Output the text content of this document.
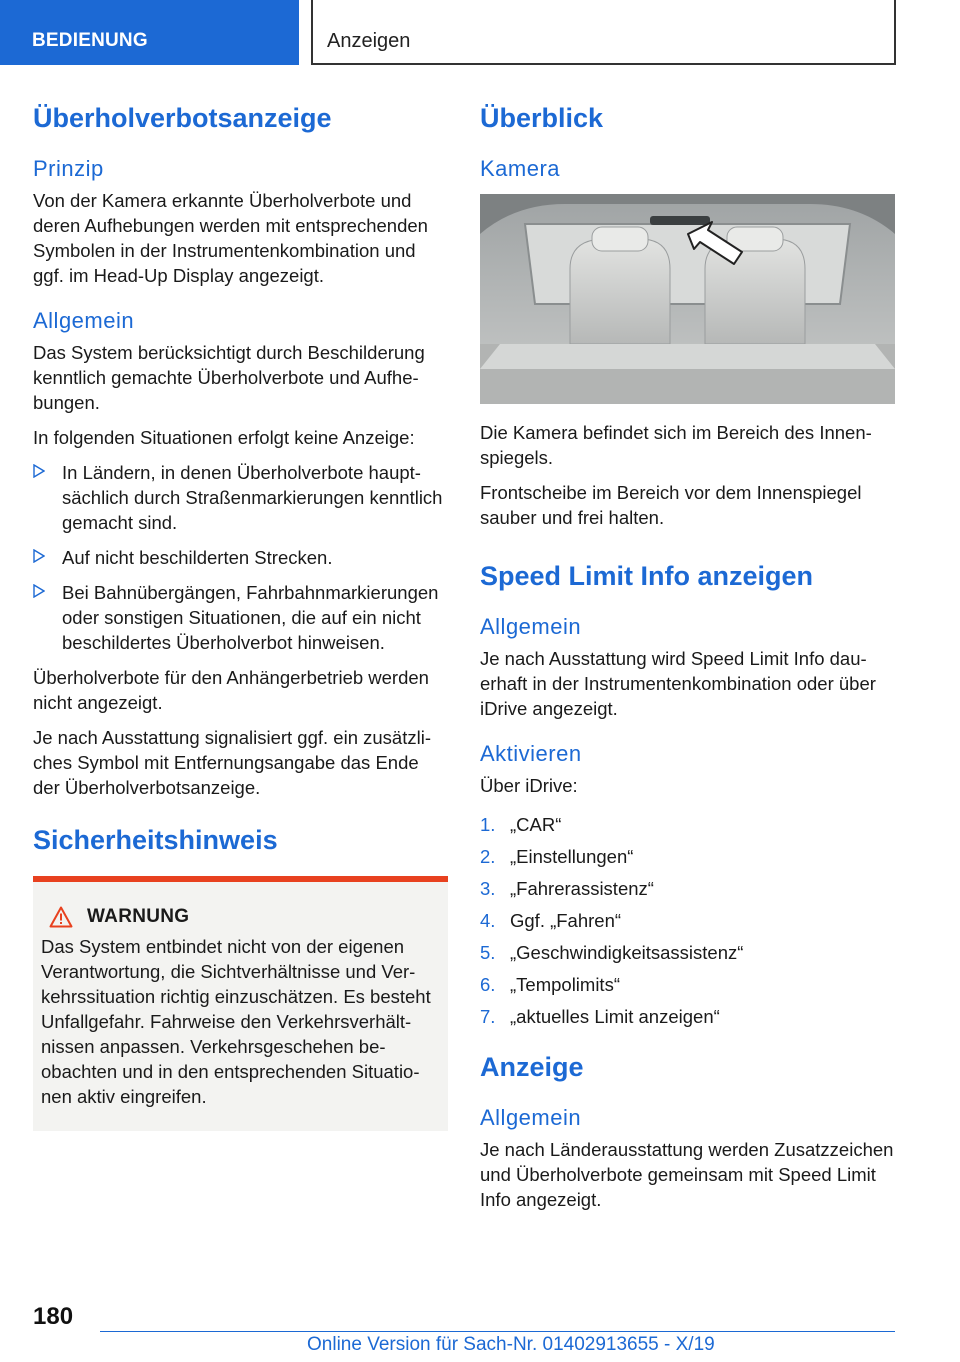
BEDIENUNG	Anzeigen
Überholverbotsanzeige
Prinzip

Von der Kamera erkannte Überholverbote und deren Aufhebungen werden mit entsprechenden Symbolen in der Instrumentenkombination und ggf. im Head-Up Display angezeigt.

Allgemein

Das System berücksichtigt durch Beschilderung kenntlich gemachte Überholverbote und Aufhebungen.

In folgenden Situationen erfolgt keine Anzeige:

In Ländern, in denen Überholverbote hauptsächlich durch Straßenmarkierungen kenntlich gemacht sind.
Auf nicht beschilderten Strecken.
Bei Bahnübergängen, Fahrbahnmarkierungen oder sonstigen Situationen, die auf ein nicht beschildertes Überholverbot hinweisen.

Überholverbote für den Anhängerbetrieb werden nicht angezeigt.

Je nach Ausstattung signalisiert ggf. ein zusätzliches Symbol mit Entfernungsangabe das Ende der Überholverbotsanzeige.

Sicherheitshinweis
WARNUNG

Das System entbindet nicht von der eigenen Verantwortung, die Sichtverhältnisse und Verkehrssituation richtig einzuschätzen. Es besteht Unfallgefahr. Fahrweise den Verkehrsverhältnissen anpassen. Verkehrsgeschehen beobachten und in den entsprechenden Situationen aktiv eingreifen.

Überblick
Kamera

Die Kamera befindet sich im Bereich des Innenspiegels.

Frontscheibe im Bereich vor dem Innenspiegel sauber und frei halten.

Speed Limit Info anzeigen
Allgemein

Je nach Ausstattung wird Speed Limit Info dauerhaft in der Instrumentenkombination oder über iDrive angezeigt.

Aktivieren

Über iDrive:

1. „CAR“
2. „Einstellungen“
3. „Fahrerassistenz“
4. Ggf. „Fahren“
5. „Geschwindigkeitsassistenz“
6. „Tempolimits“
7. „aktuelles Limit anzeigen“
Anzeige
Allgemein

Je nach Länderausstattung werden Zusatzzeichen und Überholverbote gemeinsam mit Speed Limit Info angezeigt.

180
Online Version für Sach-Nr. 01402913655 - X/19
